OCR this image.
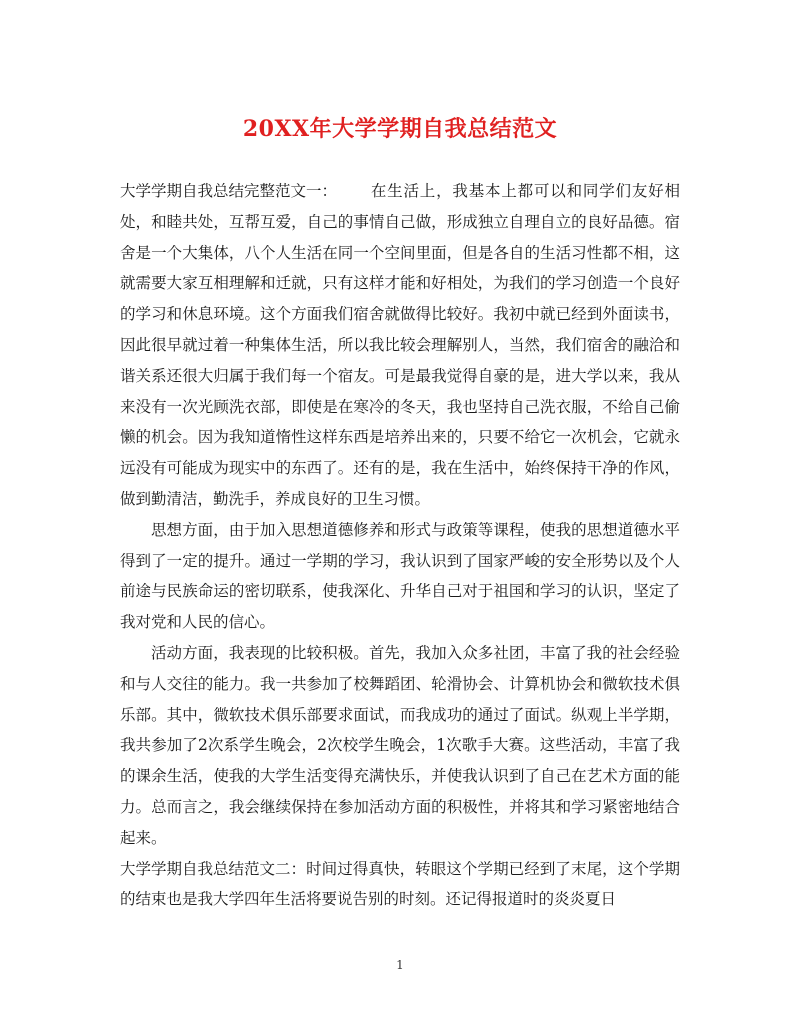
20XX年大学学期自我总结范文

大学学期自我总结完整范文一： 在生活上，我基本上都可以和同学们友好相处，和睦共处，互帮互爱，自己的事情自己做，形成独立自理自立的良好品德。宿舍是一个大集体，八个人生活在同一个空间里面，但是各自的生活习性都不相，这就需要大家互相理解和迁就，只有这样才能和好相处，为我们的学习创造一个良好的学习和休息环境。这个方面我们宿舍就做得比较好。我初中就已经到外面读书，因此很早就过着一种集体生活，所以我比较会理解别人，当然，我们宿舍的融洽和谐关系还很大归属于我们每一个宿友。可是最我觉得自豪的是，进大学以来，我从来没有一次光顾洗衣部，即使是在寒冷的冬天，我也坚持自己洗衣服，不给自己偷懒的机会。因为我知道惰性这样东西是培养出来的，只要不给它一次机会，它就永远没有可能成为现实中的东西了。还有的是，我在生活中，始终保持干净的作风，做到勤清洁，勤洗手，养成良好的卫生习惯。

思想方面，由于加入思想道德修养和形式与政策等课程，使我的思想道德水平得到了一定的提升。通过一学期的学习，我认识到了国家严峻的安全形势以及个人前途与民族命运的密切联系，使我深化、升华自己对于祖国和学习的认识，坚定了我对党和人民的信心。

活动方面，我表现的比较积极。首先，我加入众多社团，丰富了我的社会经验和与人交往的能力。我一共参加了校舞蹈团、轮滑协会、计算机协会和微软技术俱乐部。其中，微软技术俱乐部要求面试，而我成功的通过了面试。纵观上半学期，我共参加了2次系学生晚会，2次校学生晚会，1次歌手大赛。这些活动，丰富了我的课余生活，使我的大学生活变得充满快乐，并使我认识到了自己在艺术方面的能力。总而言之，我会继续保持在参加活动方面的积极性，并将其和学习紧密地结合起来。

大学学期自我总结范文二：时间过得真快，转眼这个学期已经到了末尾，这个学期的结束也是我大学四年生活将要说告别的时刻。还记得报道时的炎炎夏日

1
